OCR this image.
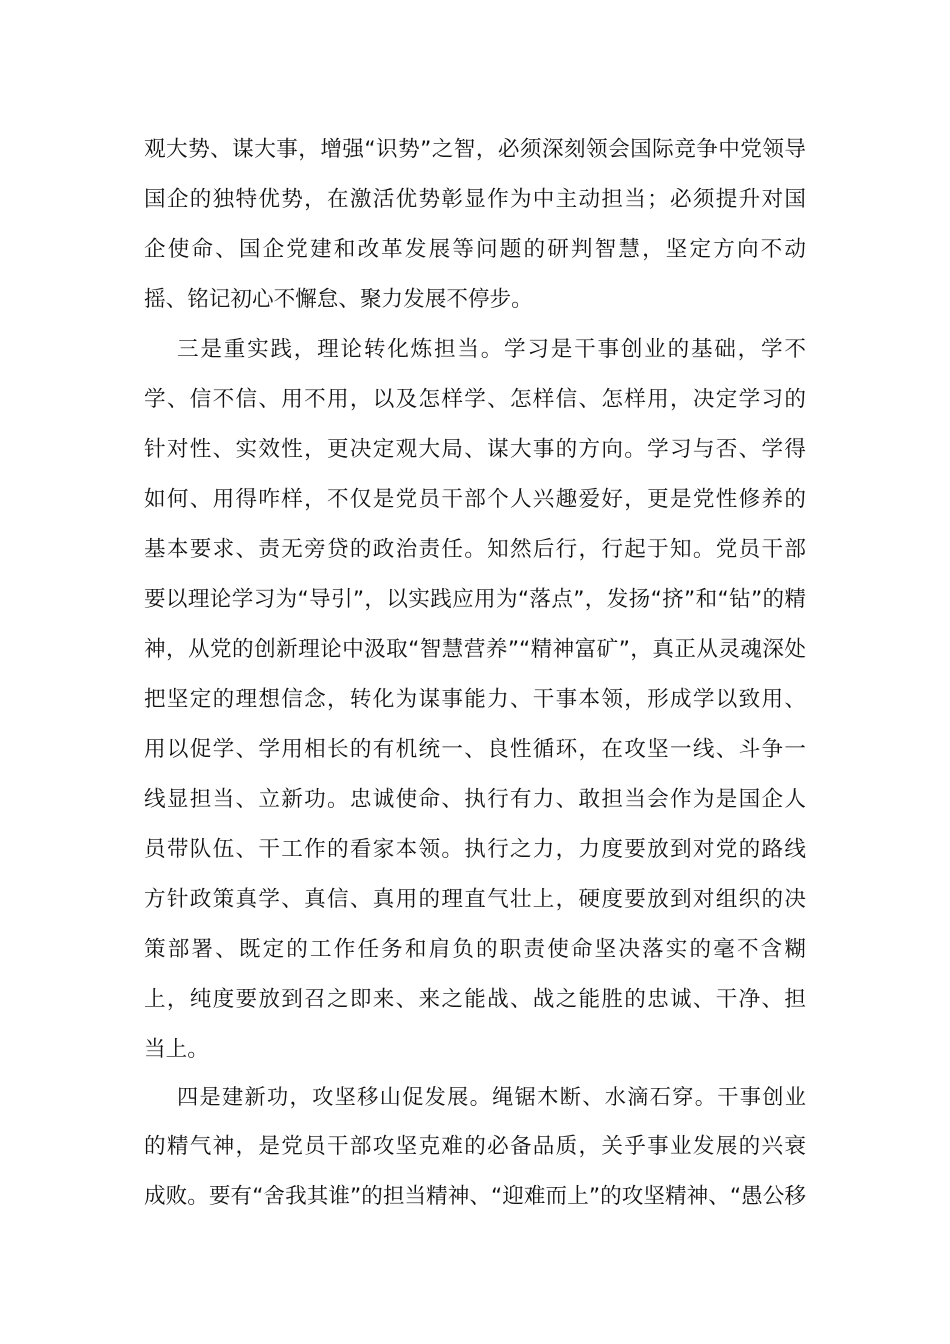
观大势、谋大事，增强“识势”之智，必须深刻领会国际竞争中党领导
国企的独特优势，在激活优势彰显作为中主动担当；必须提升对国
企使命、国企党建和改革发展等问题的研判智慧，坚定方向不动
摇、铭记初心不懈怠、聚力发展不停步。
三是重实践，理论转化炼担当。学习是干事创业的基础，学不
学、信不信、用不用，以及怎样学、怎样信、怎样用，决定学习的
针对性、实效性，更决定观大局、谋大事的方向。学习与否、学得
如何、用得咋样，不仅是党员干部个人兴趣爱好，更是党性修养的
基本要求、责无旁贷的政治责任。知然后行，行起于知。党员干部
要以理论学习为“导引”，以实践应用为“落点”，发扬“挤”和“钻”的精
神，从党的创新理论中汲取“智慧营养”“精神富矿”，真正从灵魂深处
把坚定的理想信念，转化为谋事能力、干事本领，形成学以致用、
用以促学、学用相长的有机统一、良性循环，在攻坚一线、斗争一
线显担当、立新功。忠诚使命、执行有力、敢担当会作为是国企人
员带队伍、干工作的看家本领。执行之力，力度要放到对党的路线
方针政策真学、真信、真用的理直气壮上，硬度要放到对组织的决
策部署、既定的工作任务和肩负的职责使命坚决落实的毫不含糊
上，纯度要放到召之即来、来之能战、战之能胜的忠诚、干净、担
当上。
四是建新功，攻坚移山促发展。绳锯木断、水滴石穿。干事创业
的精气神，是党员干部攻坚克难的必备品质，关乎事业发展的兴衰
成败。要有“舍我其谁”的担当精神、“迎难而上”的攻坚精神、“愚公移
